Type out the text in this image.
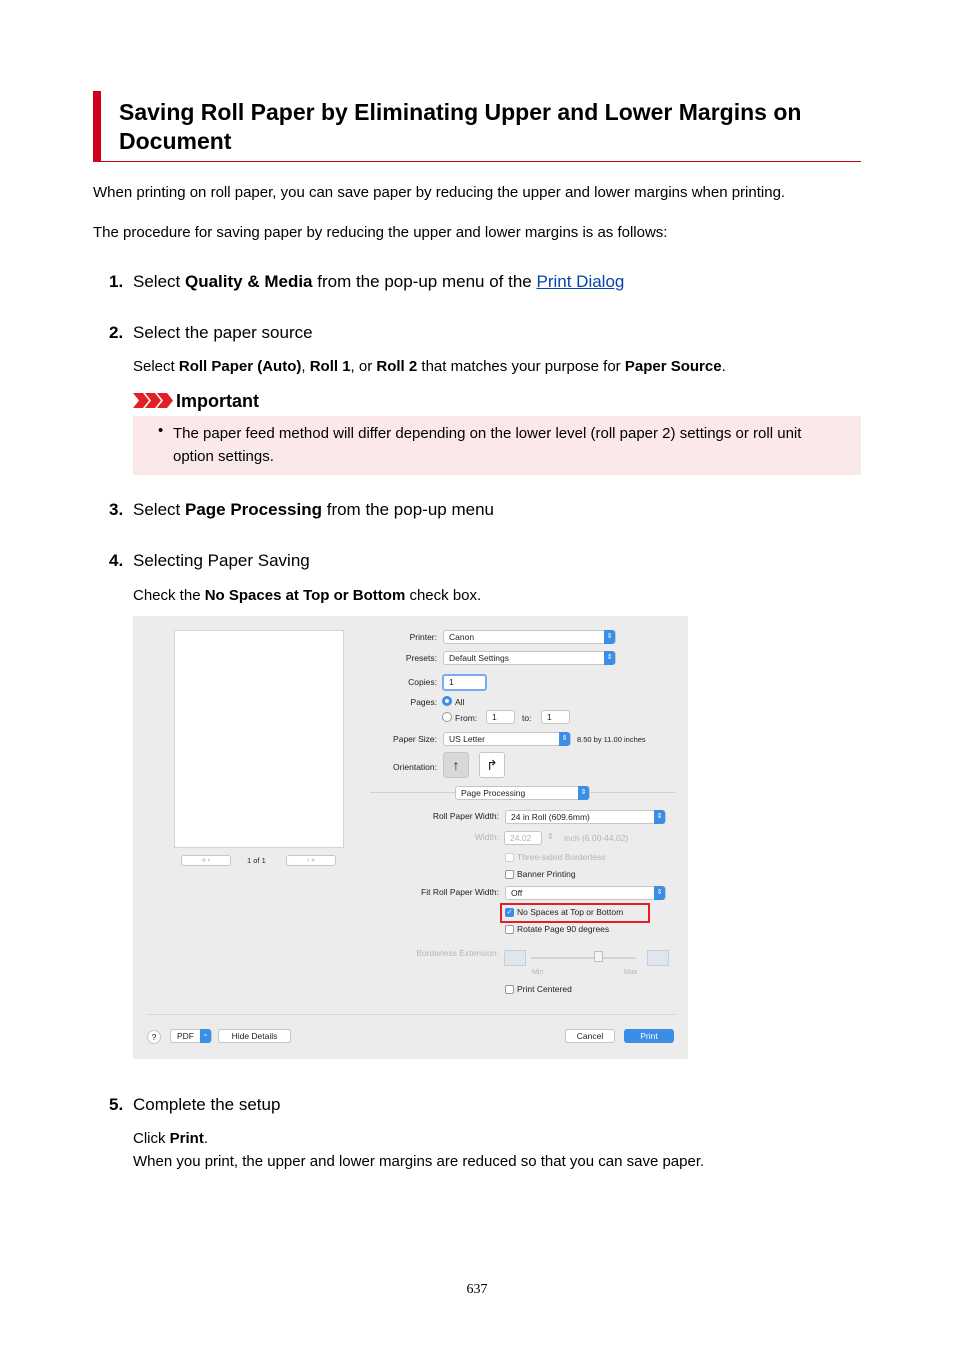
Saving Roll Paper by Eliminating Upper and Lower Margins on Document
When printing on roll paper, you can save paper by reducing the upper and lower margins when printing.
The procedure for saving paper by reducing the upper and lower margins is as follows:
1. Select Quality & Media from the pop-up menu of the Print Dialog
2. Select the paper source
Select Roll Paper (Auto), Roll 1, or Roll 2 that matches your purpose for Paper Source.
Important
• The paper feed method will differ depending on the lower level (roll paper 2) settings or roll unit option settings.
3. Select Page Processing from the pop-up menu
4. Selecting Paper Saving
Check the No Spaces at Top or Bottom check box.
« ‹	1 of 1	› »
Printer:	Canon	⇕
Presets:	Default Settings	⇕
Copies:	1
Pages: All
From:	1	to:	1
Paper Size:	US Letter	⇕	8.50 by 11.00 inches
Orientation:	↑	↱
Page Processing	⇕
Roll Paper Width:	24 in Roll (609.6mm)	⇕
Width:	24.02	⇕ inch (6.00-44.02)
Three-sided Borderless
Banner Printing
Fit Roll Paper Width:	Off	⇕
✓ No Spaces at Top or Bottom
Rotate Page 90 degrees
Borderless Extension:
Min	Max
Print Centered
?	PDF	⌄	Hide Details	Cancel	Print
5. Complete the setup
Click Print.
When you print, the upper and lower margins are reduced so that you can save paper.
637
